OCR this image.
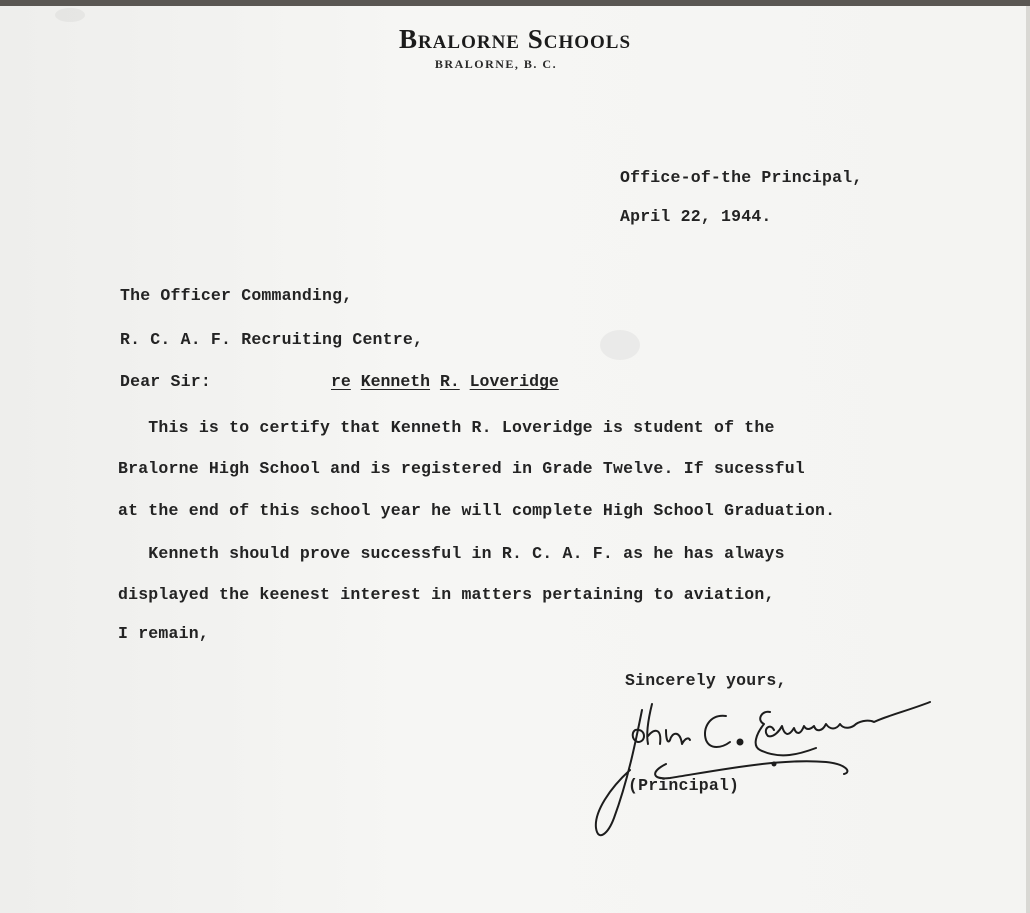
Bralorne Schools
BRALORNE, B. C.
Office-of-the Principal,
April 22, 1944.
The Officer Commanding,
R. C. A. F. Recruiting Centre,
Dear Sir:	re Kenneth R. Loveridge
This is to certify that Kenneth R. Loveridge is student of the
Bralorne High School and is registered in Grade Twelve. If sucessful
at the end of this school year he will complete High School Graduation.
Kenneth should prove successful in R. C. A. F. as he has always
displayed the keenest interest in matters pertaining to aviation,
I remain,
Sincerely yours,
(Principal)
